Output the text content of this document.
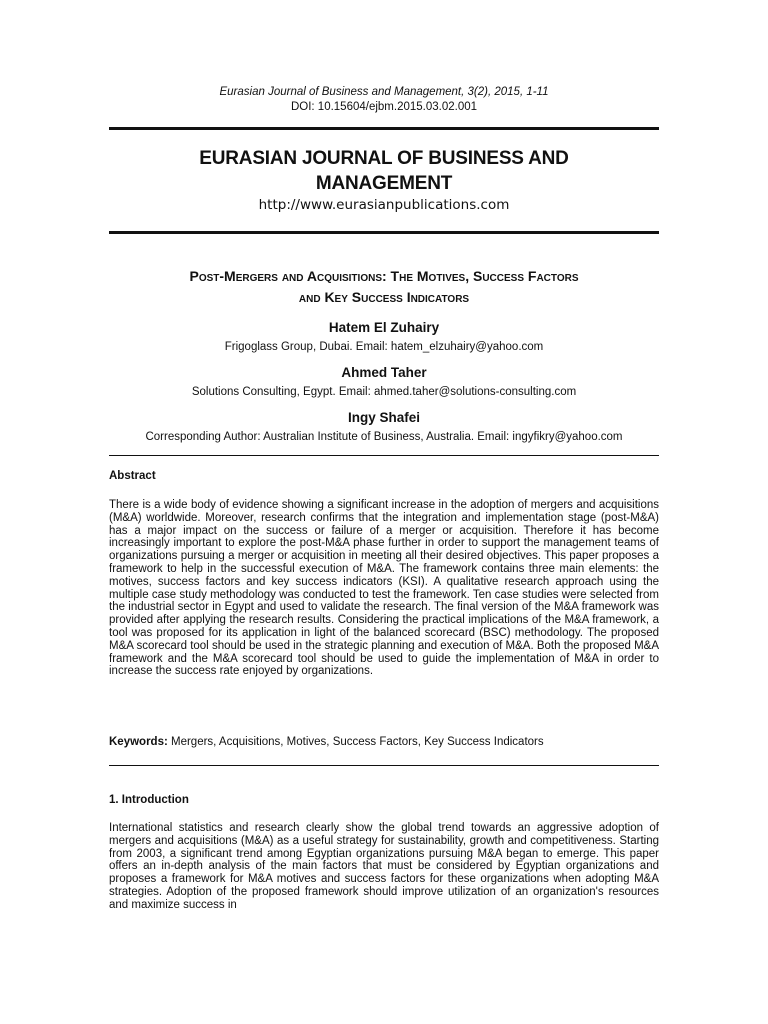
Eurasian Journal of Business and Management, 3(2), 2015, 1-11
DOI: 10.15604/ejbm.2015.03.02.001
EURASIAN JOURNAL OF BUSINESS AND
MANAGEMENT
http://www.eurasianpublications.com
Post-Mergers and Acquisitions: The Motives, Success Factors
and Key Success Indicators
Hatem El Zuhairy
Frigoglass Group, Dubai. Email: hatem_elzuhairy@yahoo.com
Ahmed Taher
Solutions Consulting, Egypt. Email: ahmed.taher@solutions-consulting.com
Ingy Shafei
Corresponding Author: Australian Institute of Business, Australia. Email: ingyfikry@yahoo.com
Abstract
There is a wide body of evidence showing a significant increase in the adoption of mergers and acquisitions (M&A) worldwide. Moreover, research confirms that the integration and implementation stage (post-M&A) has a major impact on the success or failure of a merger or acquisition. Therefore it has become increasingly important to explore the post-M&A phase further in order to support the management teams of organizations pursuing a merger or acquisition in meeting all their desired objectives. This paper proposes a framework to help in the successful execution of M&A. The framework contains three main elements: the motives, success factors and key success indicators (KSI). A qualitative research approach using the multiple case study methodology was conducted to test the framework. Ten case studies were selected from the industrial sector in Egypt and used to validate the research. The final version of the M&A framework was provided after applying the research results. Considering the practical implications of the M&A framework, a tool was proposed for its application in light of the balanced scorecard (BSC) methodology. The proposed M&A scorecard tool should be used in the strategic planning and execution of M&A. Both the proposed M&A framework and the M&A scorecard tool should be used to guide the implementation of M&A in order to increase the success rate enjoyed by organizations.
Keywords: Mergers, Acquisitions, Motives, Success Factors, Key Success Indicators
1. Introduction
International statistics and research clearly show the global trend towards an aggressive adoption of mergers and acquisitions (M&A) as a useful strategy for sustainability, growth and competitiveness. Starting from 2003, a significant trend among Egyptian organizations pursuing M&A began to emerge. This paper offers an in-depth analysis of the main factors that must be considered by Egyptian organizations and proposes a framework for M&A motives and success factors for these organizations when adopting M&A strategies. Adoption of the proposed framework should improve utilization of an organization's resources and maximize success in
